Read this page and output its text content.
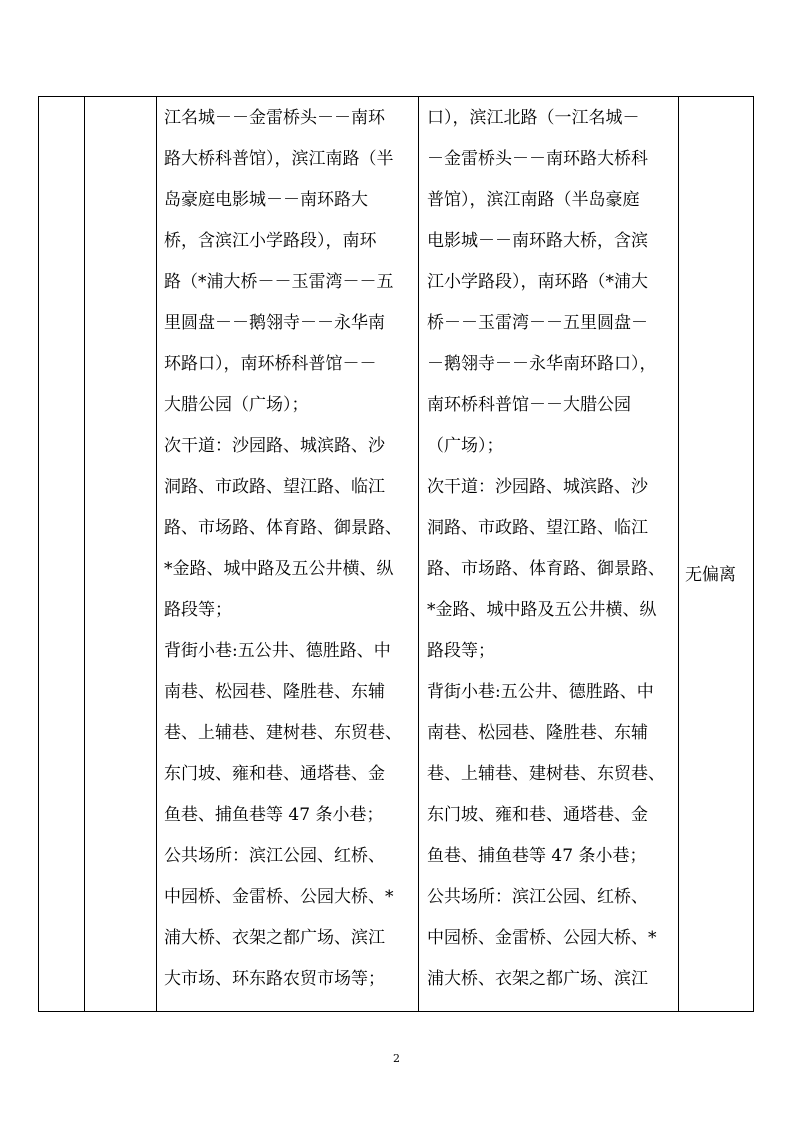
江名城－－金雷桥头－－南环
路大桥科普馆），滨江南路（半
岛豪庭电影城－－南环路大
桥，含滨江小学路段），南环
路（*浦大桥－－玉雷湾－－五
里圆盘－－鹅翎寺－－永华南
环路口），南环桥科普馆－－
大腊公园（广场）；
次干道：沙园路、城滨路、沙
洞路、市政路、望江路、临江
路、市场路、体育路、御景路、
*金路、城中路及五公井横、纵
路段等；
背街小巷:五公井、德胜路、中
南巷、松园巷、隆胜巷、东辅
巷、上辅巷、建树巷、东贸巷、
东门坡、雍和巷、通塔巷、金
鱼巷、捕鱼巷等 47 条小巷；
公共场所：滨江公园、红桥、
中园桥、金雷桥、公园大桥、*
浦大桥、衣架之都广场、滨江
大市场、环东路农贸市场等；
口），滨江北路（一江名城－
－金雷桥头－－南环路大桥科
普馆），滨江南路（半岛豪庭
电影城－－南环路大桥，含滨
江小学路段），南环路（*浦大
桥－－玉雷湾－－五里圆盘－
－鹅翎寺－－永华南环路口），
南环桥科普馆－－大腊公园
（广场）；
次干道：沙园路、城滨路、沙
洞路、市政路、望江路、临江
路、市场路、体育路、御景路、
*金路、城中路及五公井横、纵
路段等；
背街小巷:五公井、德胜路、中
南巷、松园巷、隆胜巷、东辅
巷、上辅巷、建树巷、东贸巷、
东门坡、雍和巷、通塔巷、金
鱼巷、捕鱼巷等 47 条小巷；
公共场所：滨江公园、红桥、
中园桥、金雷桥、公园大桥、*
浦大桥、衣架之都广场、滨江
无偏离
2
